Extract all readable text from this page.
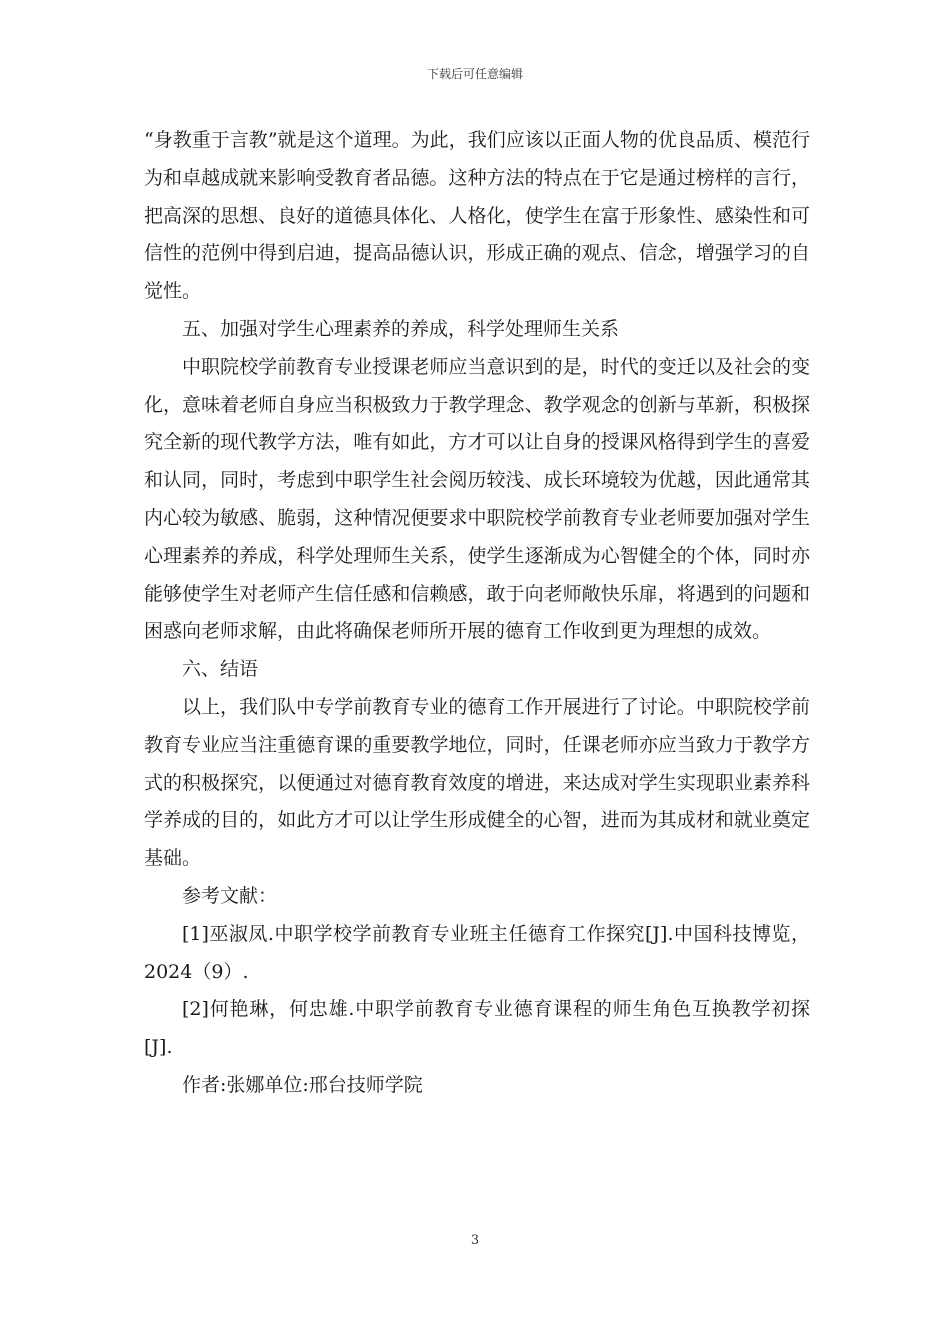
下载后可任意编辑

“身教重于言教”就是这个道理。为此，我们应该以正面人物的优良品质、模范行为和卓越成就来影响受教育者品德。这种方法的特点在于它是通过榜样的言行，把高深的思想、良好的道德具体化、人格化，使学生在富于形象性、感染性和可信性的范例中得到启迪，提高品德认识，形成正确的观点、信念，增强学习的自觉性。

五、加强对学生心理素养的养成，科学处理师生关系

中职院校学前教育专业授课老师应当意识到的是，时代的变迁以及社会的变化，意味着老师自身应当积极致力于教学理念、教学观念的创新与革新，积极探究全新的现代教学方法，唯有如此，方才可以让自身的授课风格得到学生的喜爱和认同，同时，考虑到中职学生社会阅历较浅、成长环境较为优越，因此通常其内心较为敏感、脆弱，这种情况便要求中职院校学前教育专业老师要加强对学生心理素养的养成，科学处理师生关系，使学生逐渐成为心智健全的个体，同时亦能够使学生对老师产生信任感和信赖感，敢于向老师敞快乐扉，将遇到的问题和困惑向老师求解，由此将确保老师所开展的德育工作收到更为理想的成效。

六、结语

以上，我们队中专学前教育专业的德育工作开展进行了讨论。中职院校学前教育专业应当注重德育课的重要教学地位，同时，任课老师亦应当致力于教学方式的积极探究，以便通过对德育教育效度的增进，来达成对学生实现职业素养科学养成的目的，如此方才可以让学生形成健全的心智，进而为其成材和就业奠定基础。

参考文献：

[1]巫淑凤.中职学校学前教育专业班主任德育工作探究[J].中国科技博览，2024（9）.

[2]何艳琳，何忠雄.中职学前教育专业德育课程的师生角色互换教学初探[J].

作者:张娜单位:邢台技师学院

3
